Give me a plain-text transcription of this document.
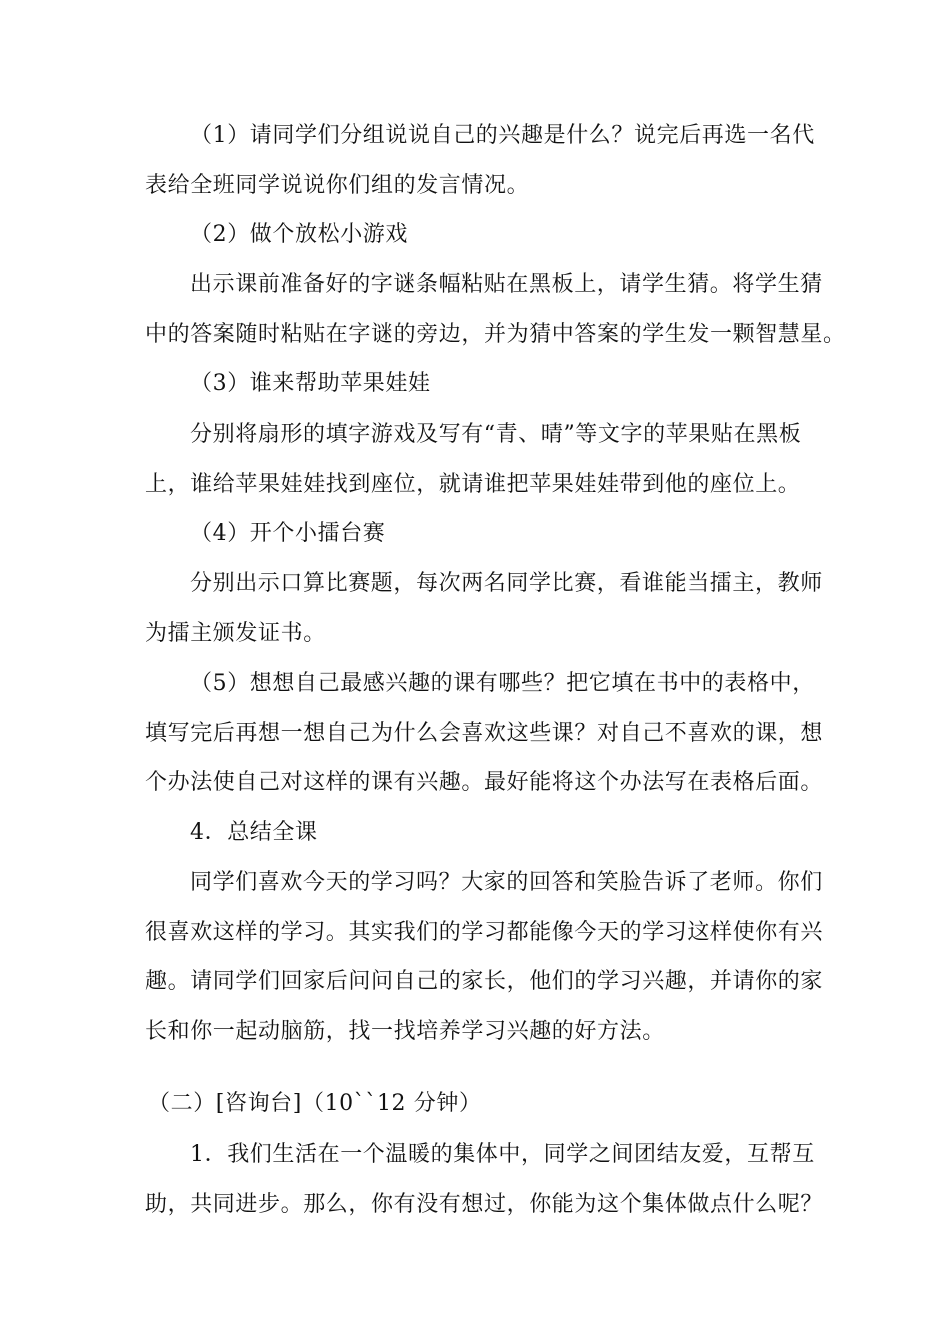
（1）请同学们分组说说自己的兴趣是什么？说完后再选一名代
表给全班同学说说你们组的发言情况。
（2）做个放松小游戏
出示课前准备好的字谜条幅粘贴在黑板上，请学生猜。将学生猜
中的答案随时粘贴在字谜的旁边，并为猜中答案的学生发一颗智慧星。
（3）谁来帮助苹果娃娃
分别将扇形的填字游戏及写有“青、晴”等文字的苹果贴在黑板
上，谁给苹果娃娃找到座位，就请谁把苹果娃娃带到他的座位上。
（4）开个小擂台赛
分别出示口算比赛题，每次两名同学比赛，看谁能当擂主，教师
为擂主颁发证书。
（5）想想自己最感兴趣的课有哪些？把它填在书中的表格中，
填写完后再想一想自己为什么会喜欢这些课？对自己不喜欢的课，想
个办法使自己对这样的课有兴趣。最好能将这个办法写在表格后面。
4．总结全课
同学们喜欢今天的学习吗？大家的回答和笑脸告诉了老师。你们
很喜欢这样的学习。其实我们的学习都能像今天的学习这样使你有兴
趣。请同学们回家后问问自己的家长，他们的学习兴趣，并请你的家
长和你一起动脑筋，找一找培养学习兴趣的好方法。
（二）[咨询台]（10``12 分钟）
1．我们生活在一个温暖的集体中，同学之间团结友爱，互帮互
助，共同进步。那么，你有没有想过，你能为这个集体做点什么呢？
